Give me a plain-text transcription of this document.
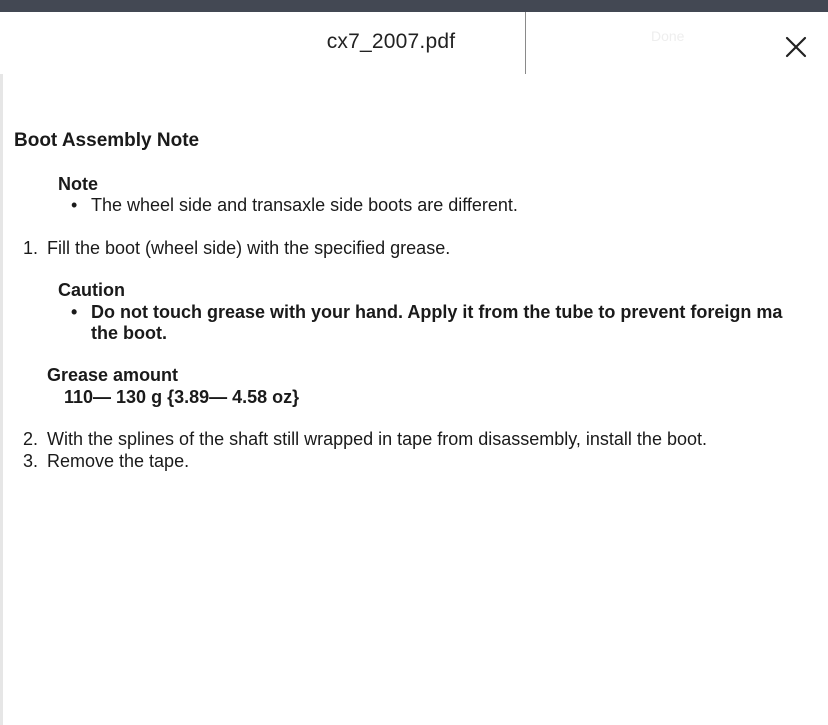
cx7_2007.pdf	Done
Boot Assembly Note
Note
• The wheel side and transaxle side boots are different.
1. Fill the boot (wheel side) with the specified grease.
Caution
• Do not touch grease with your hand. Apply it from the tube to prevent foreign ma
the boot.
Grease amount
110— 130 g {3.89— 4.58 oz}
2. With the splines of the shaft still wrapped in tape from disassembly, install the boot.
3. Remove the tape.
